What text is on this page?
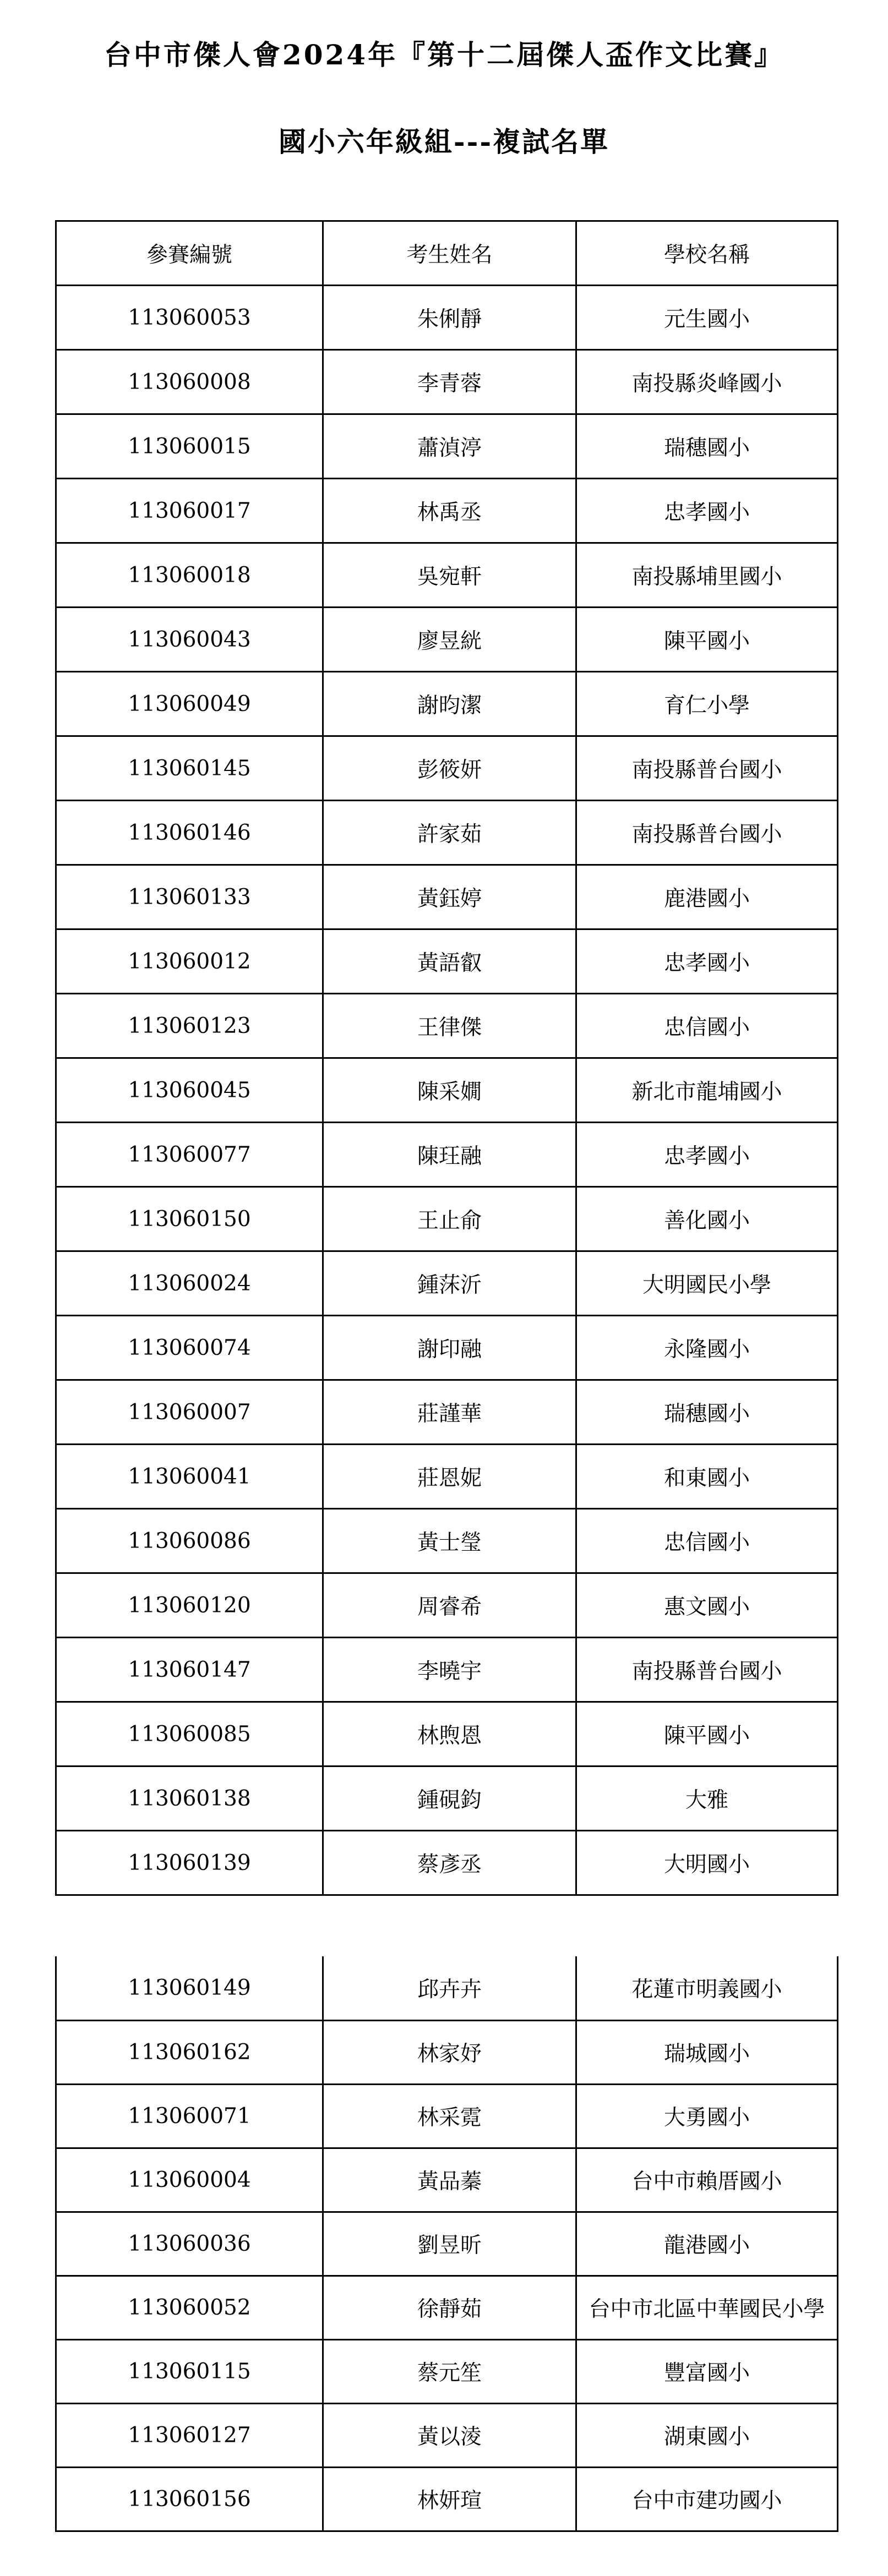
台中市傑人會2024年『第十二屆傑人盃作文比賽』
國小六年級組---複試名單
參賽編號	考生姓名	學校名稱
113060053	朱俐靜	元生國小
113060008	李青蓉	南投縣炎峰國小
113060015	蕭湞渟	瑞穗國小
113060017	林禹丞	忠孝國小
113060018	吳宛軒	南投縣埔里國小
113060043	廖昱絖	陳平國小
113060049	謝昀潔	育仁小學
113060145	彭筱妍	南投縣普台國小
113060146	許家茹	南投縣普台國小
113060133	黃鈺婷	鹿港國小
113060012	黃語叡	忠孝國小
113060123	王律傑	忠信國小
113060045	陳采嫺	新北市龍埔國小
113060077	陳玨融	忠孝國小
113060150	王止俞	善化國小
113060024	鍾莯沂	大明國民小學
113060074	謝印融	永隆國小
113060007	莊謹華	瑞穗國小
113060041	莊恩妮	和東國小
113060086	黃士瑩	忠信國小
113060120	周睿希	惠文國小
113060147	李曉宇	南投縣普台國小
113060085	林煦恩	陳平國小
113060138	鍾硯鈞	大雅
113060139	蔡彥丞	大明國小
113060149	邱卉卉	花蓮市明義國小
113060162	林家妤	瑞城國小
113060071	林采霓	大勇國小
113060004	黃品蓁	台中市賴厝國小
113060036	劉昱昕	龍港國小
113060052	徐靜茹	台中市北區中華國民小學
113060115	蔡元笙	豐富國小
113060127	黃以淩	湖東國小
113060156	林妍瑄	台中市建功國小
